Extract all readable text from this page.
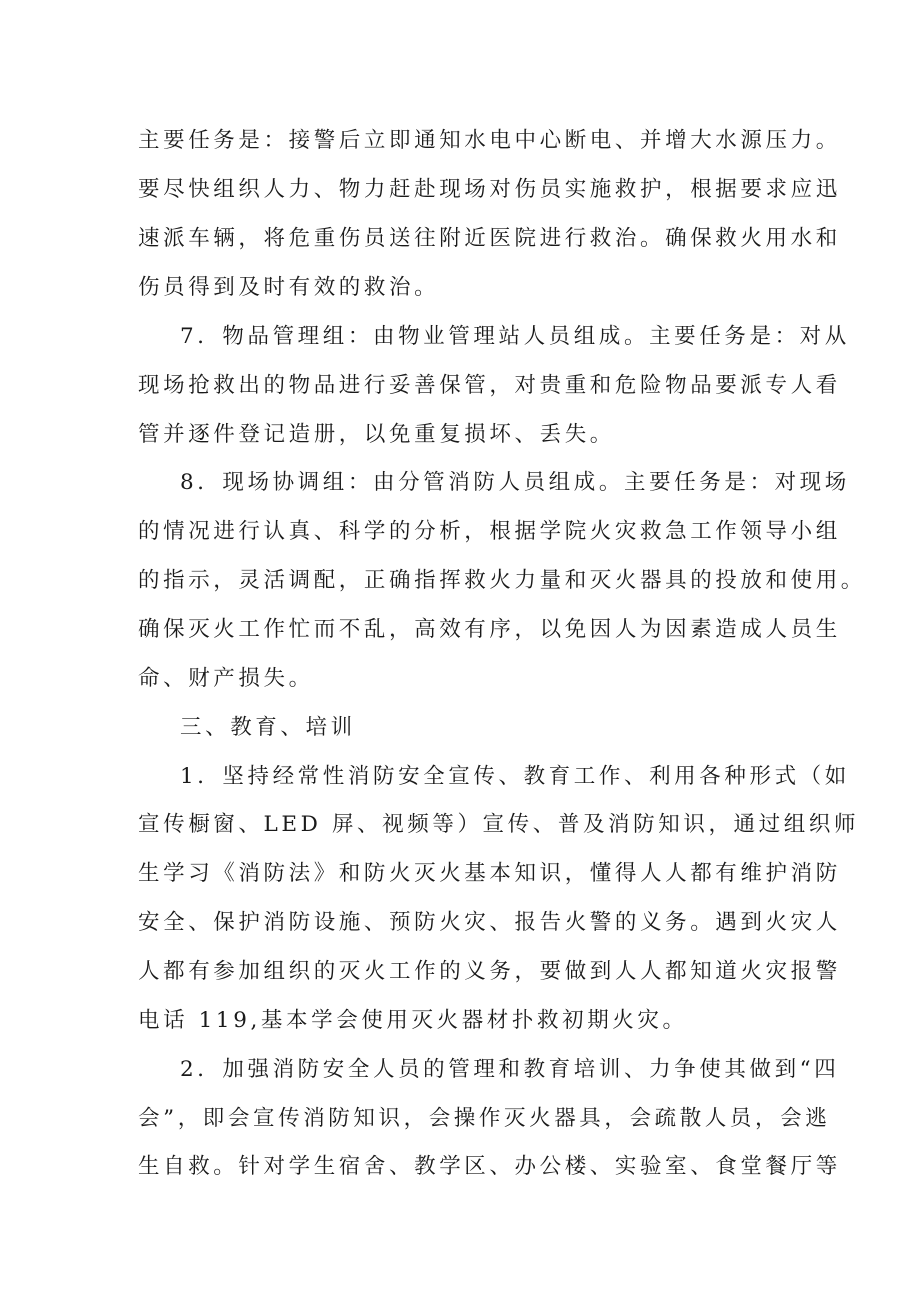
主要任务是：接警后立即通知水电中心断电、并增大水源压力。
要尽快组织人力、物力赶赴现场对伤员实施救护，根据要求应迅
速派车辆，将危重伤员送往附近医院进行救治。确保救火用水和
伤员得到及时有效的救治。
7．物品管理组：由物业管理站人员组成。主要任务是：对从
现场抢救出的物品进行妥善保管，对贵重和危险物品要派专人看
管并逐件登记造册，以免重复损坏、丢失。
8．现场协调组：由分管消防人员组成。主要任务是：对现场
的情况进行认真、科学的分析，根据学院火灾救急工作领导小组
的指示，灵活调配，正确指挥救火力量和灭火器具的投放和使用。
确保灭火工作忙而不乱，高效有序，以免因人为因素造成人员生
命、财产损失。
三、教育、培训
1．坚持经常性消防安全宣传、教育工作、利用各种形式（如
宣传橱窗、LED 屏、视频等）宣传、普及消防知识，通过组织师
生学习《消防法》和防火灭火基本知识，懂得人人都有维护消防
安全、保护消防设施、预防火灾、报告火警的义务。遇到火灾人
人都有参加组织的灭火工作的义务，要做到人人都知道火灾报警
电话 119,基本学会使用灭火器材扑救初期火灾。
2．加强消防安全人员的管理和教育培训、力争使其做到“四
会”，即会宣传消防知识，会操作灭火器具，会疏散人员，会逃
生自救。针对学生宿舍、教学区、办公楼、实验室、食堂餐厅等
